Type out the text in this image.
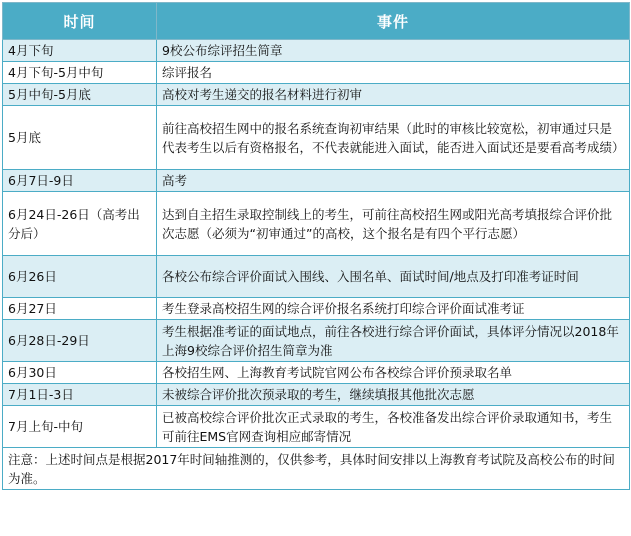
时间	事件
4月下旬	9校公布综评招生简章
4月下旬-5月中旬	综评报名
5月中旬-5月底	高校对考生递交的报名材料进行初审
5月底	前往高校招生网中的报名系统查询初审结果（此时的审核比较宽松，初审通过只是代表考生以后有资格报名，不代表就能进入面试，能否进入面试还是要看高考成绩）
6月7日-9日	高考
6月24日-26日（高考出分后）	达到自主招生录取控制线上的考生，可前往高校招生网或阳光高考填报综合评价批次志愿（必须为“初审通过”的高校，这个报名是有四个平行志愿）
6月26日	各校公布综合评价面试入围线、入围名单、面试时间/地点及打印准考证时间
6月27日	考生登录高校招生网的综合评价报名系统打印综合评价面试准考证
6月28日-29日	考生根据准考证的面试地点，前往各校进行综合评价面试，具体评分情况以2018年上海9校综合评价招生简章为准
6月30日	各校招生网、上海教育考试院官网公布各校综合评价预录取名单
7月1日-3日	未被综合评价批次预录取的考生，继续填报其他批次志愿
7月上旬-中旬	已被高校综合评价批次正式录取的考生，各校准备发出综合评价录取通知书，考生可前往EMS官网查询相应邮寄情况
注意：上述时间点是根据2017年时间轴推测的，仅供参考，具体时间安排以上海教育考试院及高校公布的时间为准。	
